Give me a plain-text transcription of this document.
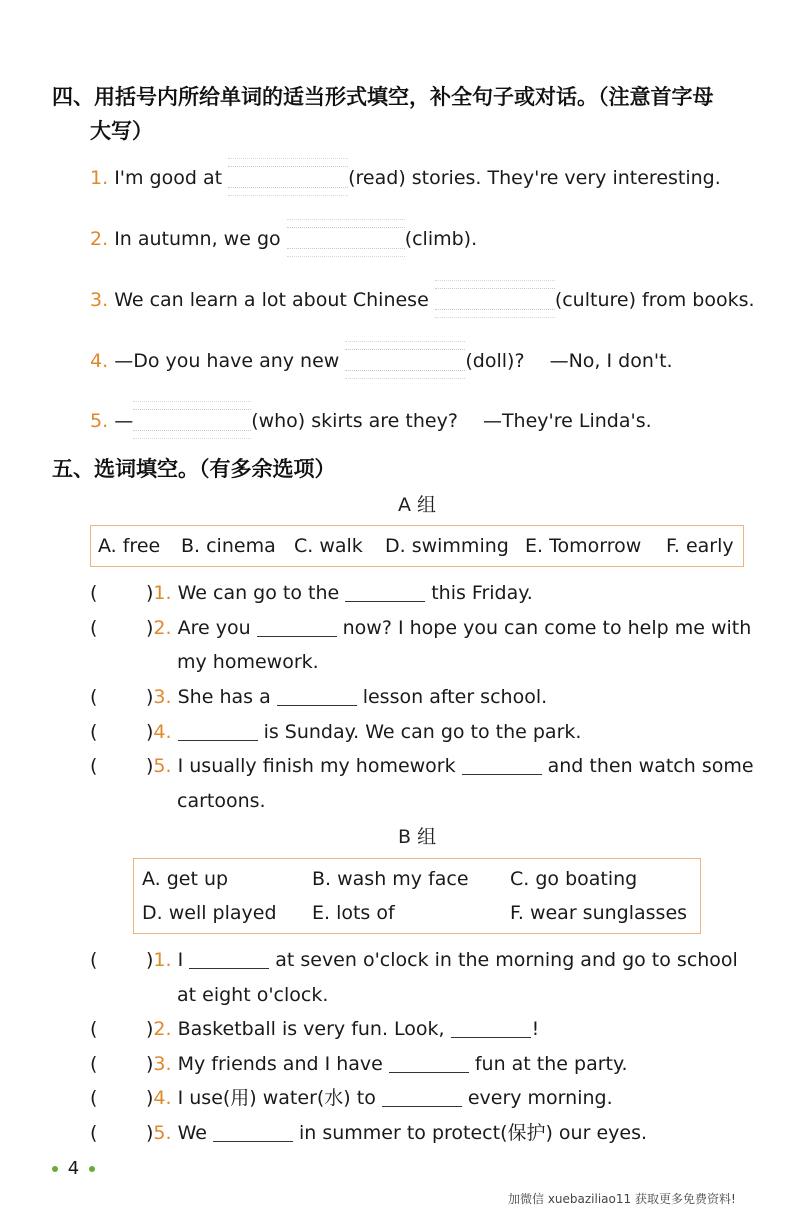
四、用括号内所给单词的适当形式填空，补全句子或对话。（注意首字母
大写）
1. I'm good at	(read) stories. They're very interesting.
2. In autumn, we go	(climb).
3. We can learn a lot about Chinese	(culture) from books.
4. —Do you have any new	(doll)?　 —No, I don't.
5. —	(who) skirts are they?　 —They're Linda's.
五、选词填空。（有多余选项）
A 组
A. free B. cinema C. walk D. swimming E. Tomorrow F. early
(	)1. We can go to the	this Friday.
(	)2. Are you	now? I hope you can come to help me with
my homework.
(	)3. She has a	lesson after school.
(	)4.	is Sunday. We can go to the park.
(	)5. I usually finish my homework	and then watch some
cartoons.
B 组
A. get up	B. wash my face C. go boating
D. well played E. lots of	F. wear sunglasses
(	)1. I	at seven o'clock in the morning and go to school
at eight o'clock.
(	)2. Basketball is very fun. Look,	!
(	)3. My friends and I have	fun at the party.
(	)4. I use(用) water(水) to	every morning.
(	)5. We	in summer to protect(保护) our eyes.
4
加微信 xuebaziliao11 获取更多免费资料!
